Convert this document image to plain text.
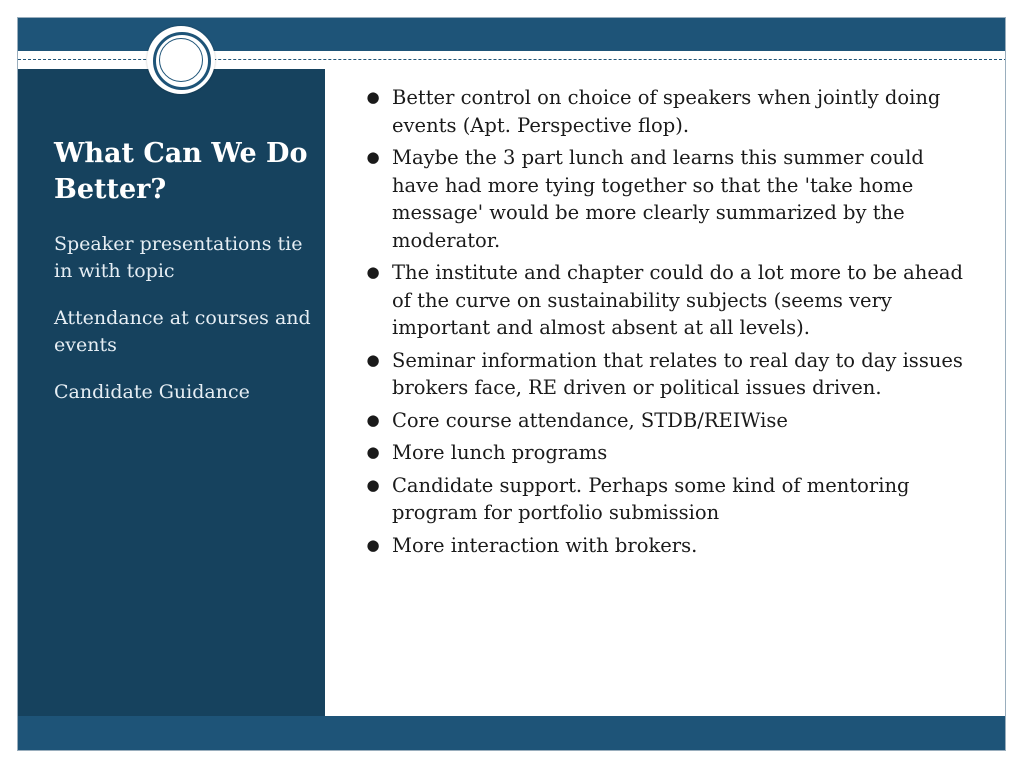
What Can We Do Better?
Speaker presentations tie in with topic
Attendance at courses and events
Candidate Guidance
● Better control on choice of speakers when jointly doing events (Apt. Perspective flop).
● Maybe the 3 part lunch and learns this summer could have had more tying together so that the 'take home message' would be more clearly summarized by the moderator.
● The institute and chapter could do a lot more to be ahead of the curve on sustainability subjects (seems very important and almost absent at all levels).
● Seminar information that relates to real day to day issues brokers face, RE driven or political issues driven.
● Core course attendance, STDB/REIWise
● More lunch programs
● Candidate support. Perhaps some kind of mentoring program for portfolio submission
● More interaction with brokers.
